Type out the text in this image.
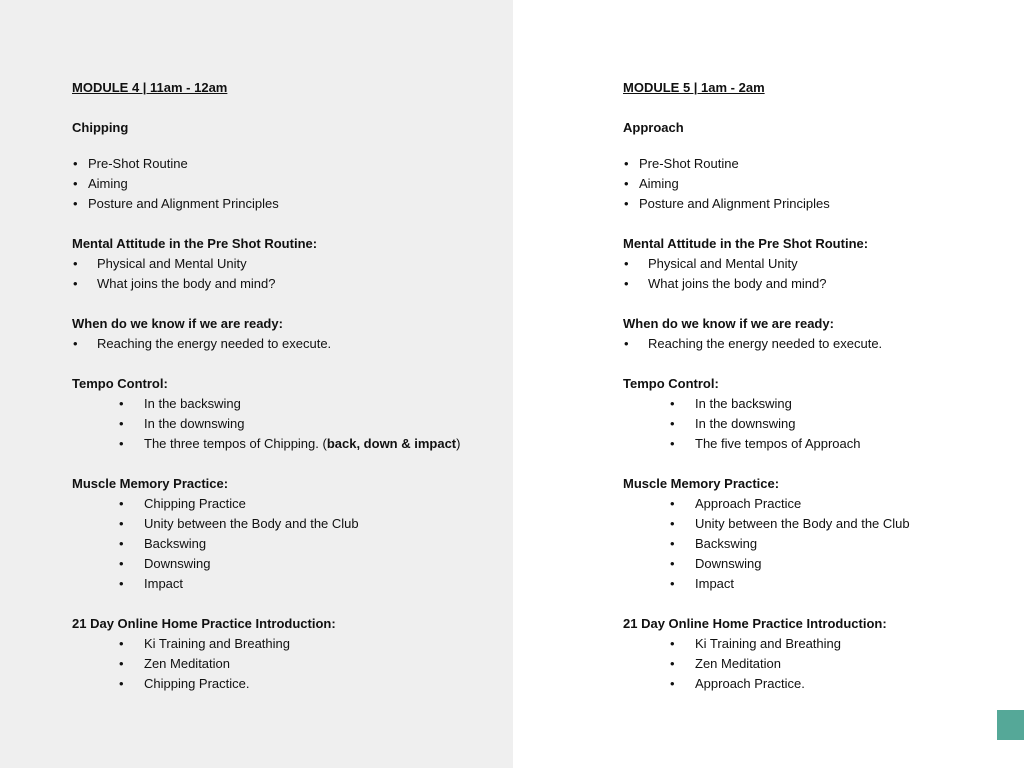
MODULE 4 | 11am - 12am
Chipping
• Pre-Shot Routine
• Aiming
• Posture and Alignment Principles
Mental Attitude in the Pre Shot Routine:
• Physical and Mental Unity
• What joins the body and mind?
When do we know if we are ready:
• Reaching the energy needed to execute.
Tempo Control:
• In the backswing
• In the downswing
• The three tempos of Chipping. (back, down & impact)
Muscle Memory Practice:
• Chipping Practice
• Unity between the Body and the Club
• Backswing
• Downswing
• Impact
21 Day Online Home Practice Introduction:
• Ki Training and Breathing
• Zen Meditation
• Chipping Practice.
MODULE 5 | 1am - 2am
Approach
• Pre-Shot Routine
• Aiming
• Posture and Alignment Principles
Mental Attitude in the Pre Shot Routine:
• Physical and Mental Unity
• What joins the body and mind?
When do we know if we are ready:
• Reaching the energy needed to execute.
Tempo Control:
• In the backswing
• In the downswing
• The five tempos of Approach
Muscle Memory Practice:
• Approach Practice
• Unity between the Body and the Club
• Backswing
• Downswing
• Impact
21 Day Online Home Practice Introduction:
• Ki Training and Breathing
• Zen Meditation
• Approach Practice.
